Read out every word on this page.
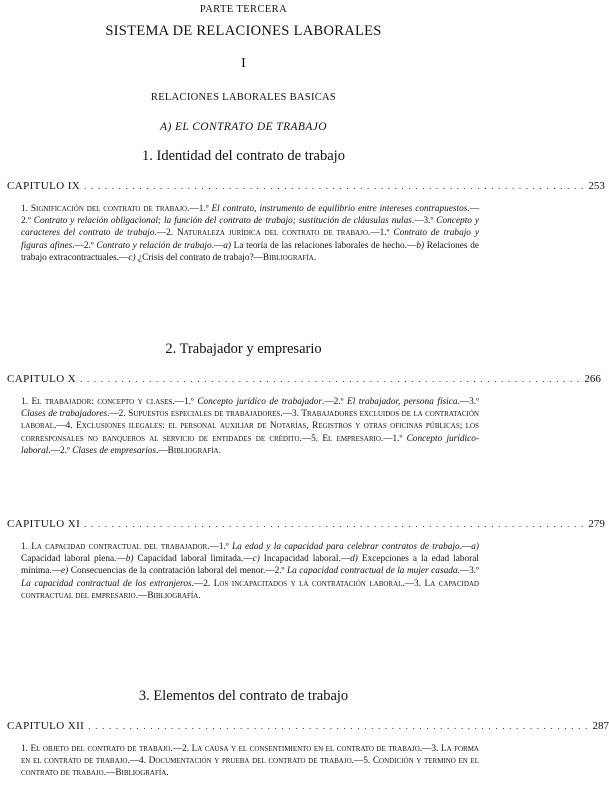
PARTE TERCERA
SISTEMA DE RELACIONES LABORALES
I
RELACIONES LABORALES BASICAS
A) EL CONTRATO DE TRABAJO
1. Identidad del contrato de trabajo
CAPITULO IX . . . . . . . . . . . . . . . . . . . . . . . . . . . . . . . . . . . . . . . . . . . . . . . . . . . . . . . . . . . . . . . . . . . . . . . . . 253
1. Significación del contrato de trabajo.—1.º El contrato, instrumento de equilibrio entre intereses contrapuestos.—2.º Contrato y relación obligacional; la función del contrato de trabajo; sustitución de cláusulas nulas.—3.º Concepto y caracteres del contrato de trabajo.—2. Naturaleza jurídica del contrato de trabajo.—1.º Contrato de trabajo y figuras afines.—2.º Contrato y relación de trabajo.—a) La teoría de las relaciones laborales de hecho.—b) Relaciones de trabajo extracontractuales.—c) ¿Crisis del contrato de trabajo?—Bibliografía.
2. Trabajador y empresario
CAPITULO X . . . . . . . . . . . . . . . . . . . . . . . . . . . . . . . . . . . . . . . . . . . . . . . . . . . . . . . . . . . . . . . . . . . . . . . . . 266
1. El trabajador: concepto y clases.—1.º Concepto jurídico de trabajador.—2.º El trabajador, persona física.—3.º Clases de trabajadores.—2. Supuestos especiales de trabajadores.—3. Trabajadores excluidos de la contratación laboral.—4. Exclusiones ilegales: el personal auxiliar de Notarías, Registros y otras oficinas públicas; los corresponsales no banqueros al servicio de entidades de crédito.—5. El empresario.—1.º Concepto jurídico-laboral.—2.º Clases de empresarios.—Bibliografía.
CAPITULO XI . . . . . . . . . . . . . . . . . . . . . . . . . . . . . . . . . . . . . . . . . . . . . . . . . . . . . . . . . . . . . . . . . . . . . . . . . 279
1. La capacidad contractual del trabajador.—1.º La edad y la capacidad para celebrar contratos de trabajo.—a) Capacidad laboral plena.—b) Capacidad laboral limitada.—c) Incapacidad laboral.—d) Excepciones a la edad laboral mínima.—e) Consecuencias de la contratación laboral del menor.—2.º La capacidad contractual de la mujer casada.—3.º La capacidad contractual de los extranjeros.—2. Los incapacitados y la contratación laboral.—3. La capacidad contractual del empresario.—Bibliografía.
3. Elementos del contrato de trabajo
CAPITULO XII . . . . . . . . . . . . . . . . . . . . . . . . . . . . . . . . . . . . . . . . . . . . . . . . . . . . . . . . . . . . . . . . . . . . . . . . . 287
1. El objeto del contrato de trabajo.—2. La causa y el consentimiento en el contrato de trabajo.—3. La forma en el contrato de trabajo.—4. Documentación y prueba del contrato de trabajo.—5. Condición y termino en el contrato de trabajo.—Bibliografía.
